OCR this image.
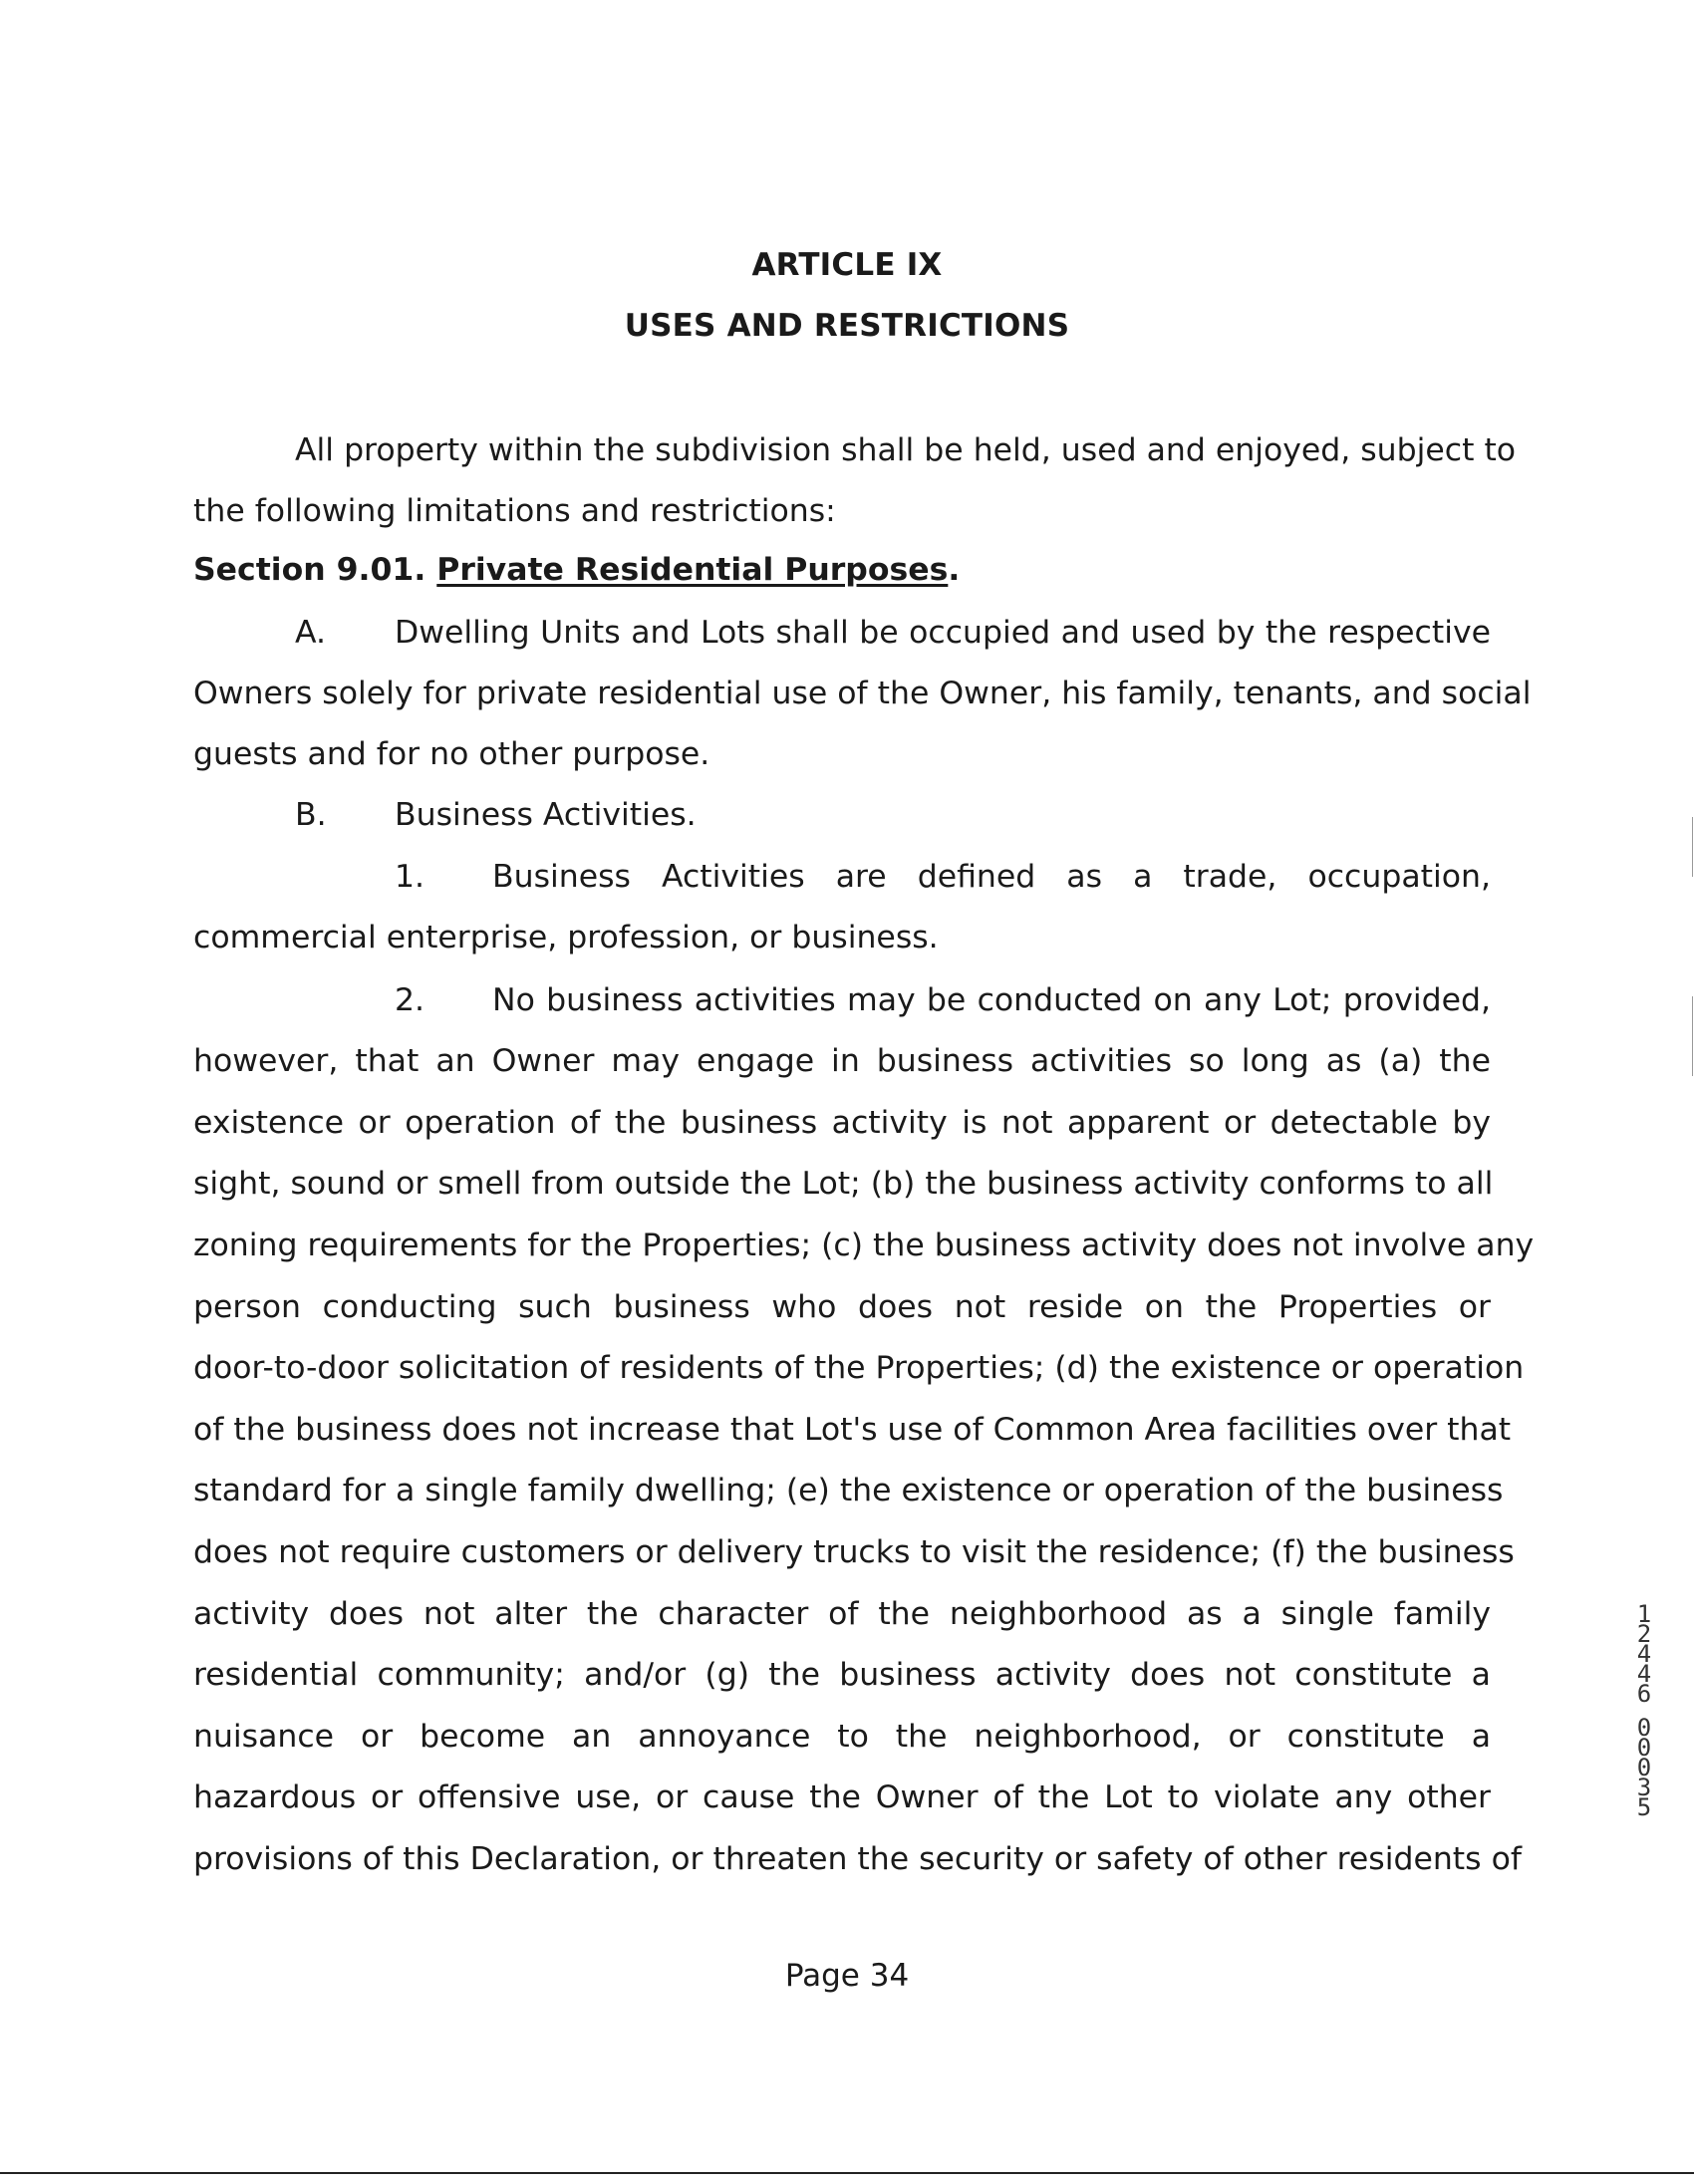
ARTICLE IX
USES AND RESTRICTIONS
All property within the subdivision shall be held, used and enjoyed, subject to
the following limitations and restrictions:
Section 9.01. Private Residential Purposes.
A. Dwelling Units and Lots shall be occupied and used by the respective
Owners solely for private residential use of the Owner, his family, tenants, and social
guests and for no other purpose.
B. Business Activities.
1. Business Activities are defined as a trade, occupation,
commercial enterprise, profession, or business.
2. No business activities may be conducted on any Lot; provided,
however, that an Owner may engage in business activities so long as (a) the
existence or operation of the business activity is not apparent or detectable by
sight, sound or smell from outside the Lot; (b) the business activity conforms to all
zoning requirements for the Properties; (c) the business activity does not involve any
person conducting such business who does not reside on the Properties or
door-to-door solicitation of residents of the Properties; (d) the existence or operation
of the business does not increase that Lot's use of Common Area facilities over that
standard for a single family dwelling; (e) the existence or operation of the business
does not require customers or delivery trucks to visit the residence; (f) the business
activity does not alter the character of the neighborhood as a single family
residential community; and/or (g) the business activity does not constitute a
nuisance or become an annoyance to the neighborhood, or constitute a
hazardous or offensive use, or cause the Owner of the Lot to violate any other
provisions of this Declaration, or threaten the security or safety of other residents of
Page 34
1
2
4
4
6
0
0
0
3
5
